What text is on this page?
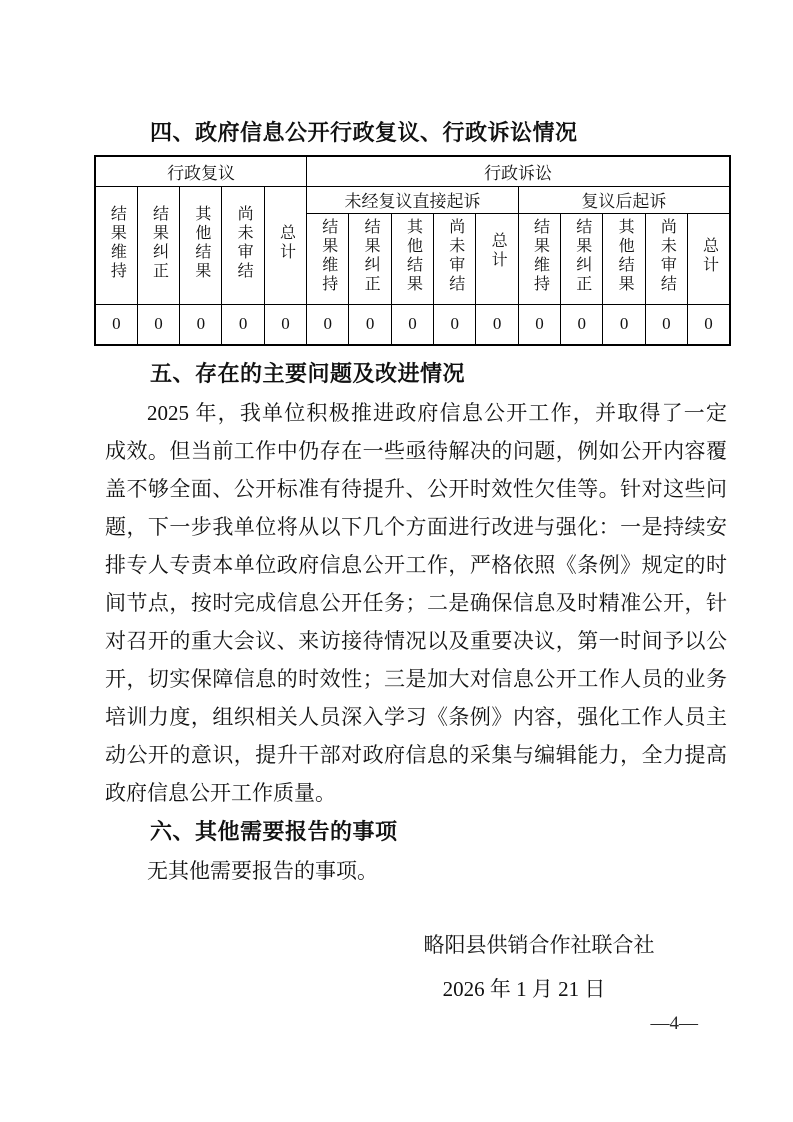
四、政府信息公开行政复议、行政诉讼情况
行政复议					行政诉讼									
结果维持	结果纠正	其他结果	尚未审结	总计	未经复议直接起诉					复议后起诉				
					结果维持	结果纠正	其他结果	尚未审结	总计	结果维持	结果纠正	其他结果	尚未审结	总计
0	0	0	0	0	0	0	0	0	0	0	0	0	0	0
五、存在的主要问题及改进情况
2025 年，我单位积极推进政府信息公开工作，并取得了一定
成效。但当前工作中仍存在一些亟待解决的问题，例如公开内容覆
盖不够全面、公开标准有待提升、公开时效性欠佳等。针对这些问
题，下一步我单位将从以下几个方面进行改进与强化：一是持续安
排专人专责本单位政府信息公开工作，严格依照《条例》规定的时
间节点，按时完成信息公开任务；二是确保信息及时精准公开，针
对召开的重大会议、来访接待情况以及重要决议，第一时间予以公
开，切实保障信息的时效性；三是加大对信息公开工作人员的业务
培训力度，组织相关人员深入学习《条例》内容，强化工作人员主
动公开的意识，提升干部对政府信息的采集与编辑能力，全力提高
政府信息公开工作质量。
六、其他需要报告的事项
无其他需要报告的事项。
略阳县供销合作社联合社
2026 年 1 月 21 日
—4—
